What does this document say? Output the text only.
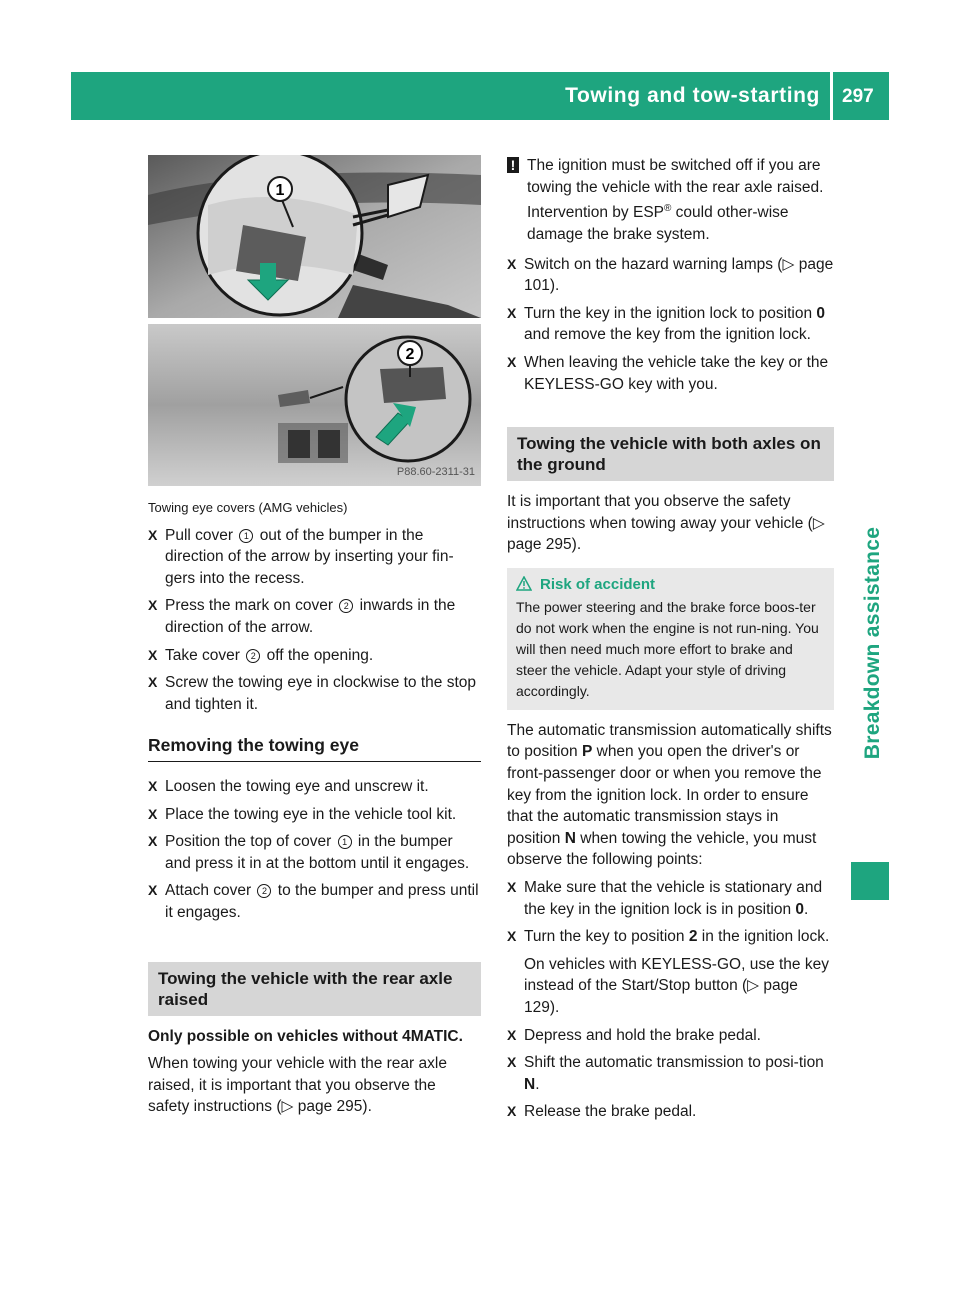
Towing and tow-starting 297
Breakdown assistance
1
2
P88.60-2311-31
Towing eye covers (AMG vehicles)
X Pull cover 1 out of the bumper in the direction of the arrow by inserting your fin-gers into the recess.
X Press the mark on cover 2 inwards in the direction of the arrow.
X Take cover 2 off the opening.
X Screw the towing eye in clockwise to the stop and tighten it.
Removing the towing eye
X Loosen the towing eye and unscrew it.
X Place the towing eye in the vehicle tool kit.
X Position the top of cover 1 in the bumper and press it in at the bottom until it engages.
X Attach cover 2 to the bumper and press until it engages.
Towing the vehicle with the rear axle raised

Only possible on vehicles without 4MATIC.

When towing your vehicle with the rear axle raised, it is important that you observe the safety instructions (▷ page 295).

! The ignition must be switched off if you are towing the vehicle with the rear axle raised. Intervention by ESP® could other-wise damage the brake system.
X Switch on the hazard warning lamps (▷ page 101).
X Turn the key in the ignition lock to position 0 and remove the key from the ignition lock.
X When leaving the vehicle take the key or the KEYLESS-GO key with you.
Towing the vehicle with both axles on the ground

It is important that you observe the safety instructions when towing away your vehicle (▷ page 295).

Risk of accident
The power steering and the brake force boos-ter do not work when the engine is not run-ning. You will then need much more effort to brake and steer the vehicle. Adapt your style of driving accordingly.

The automatic transmission automatically shifts to position P when you open the driver's or front-passenger door or when you remove the key from the ignition lock. In order to ensure that the automatic transmission stays in position N when towing the vehicle, you must observe the following points:

X Make sure that the vehicle is stationary and the key in the ignition lock is in position 0.
X Turn the key to position 2 in the ignition lock.
On vehicles with KEYLESS-GO, use the key instead of the Start/Stop button (▷ page 129).
X Depress and hold the brake pedal.
X Shift the automatic transmission to posi-tion N.
X Release the brake pedal.
